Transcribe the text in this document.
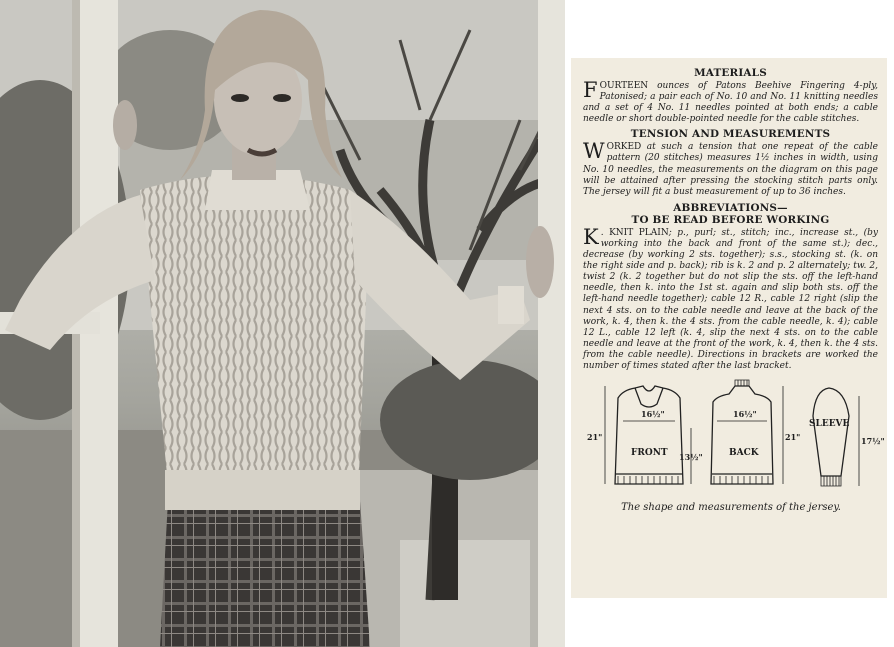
MATERIALS

FOURTEEN ounces of Patons Beehive Fingering 4-ply, Patonised; a pair each of No. 10 and No. 11 knitting needles and a set of 4 No. 11 needles pointed at both ends; a cable needle or short double-pointed needle for the cable stitches.

TENSION AND MEASUREMENTS

WORKED at such a tension that one repeat of the cable pattern (20 stitches) measures 1½ inches in width, using No. 10 needles, the measurements on the diagram on this page will be attained after pressing the stocking stitch parts only. The jersey will fit a bust measurement of up to 36 inches.

ABBREVIATIONS—
TO BE READ BEFORE WORKING

K . KNIT PLAIN; p., purl; st., stitch; inc., increase st., (by working into the back and front of the same st.); dec., decrease (by working 2 sts. together); s.s., stocking st. (k. on the right side and p. back); rib is k. 2 and p. 2 alternately; tw. 2, twist 2 (k. 2 together but do not slip the sts. off the left-hand needle, then k. into the 1st st. again and slip both sts. off the left-hand needle together); cable 12 R., cable 12 right (slip the next 4 sts. on to the cable needle and leave at the back of the work, k. 4, then k. the 4 sts. from the cable needle, k. 4); cable 12 L., cable 12 left (k. 4, slip the next 4 sts. on to the cable needle and leave at the front of the work, k. 4, then k. the 4 sts. from the cable needle). Directions in brackets are worked the number of times stated after the last bracket.

FRONT	BACK
SLEEVE
16½"
21"
13½"
16½"
21"	17½"
The shape and measurements of the jersey.
